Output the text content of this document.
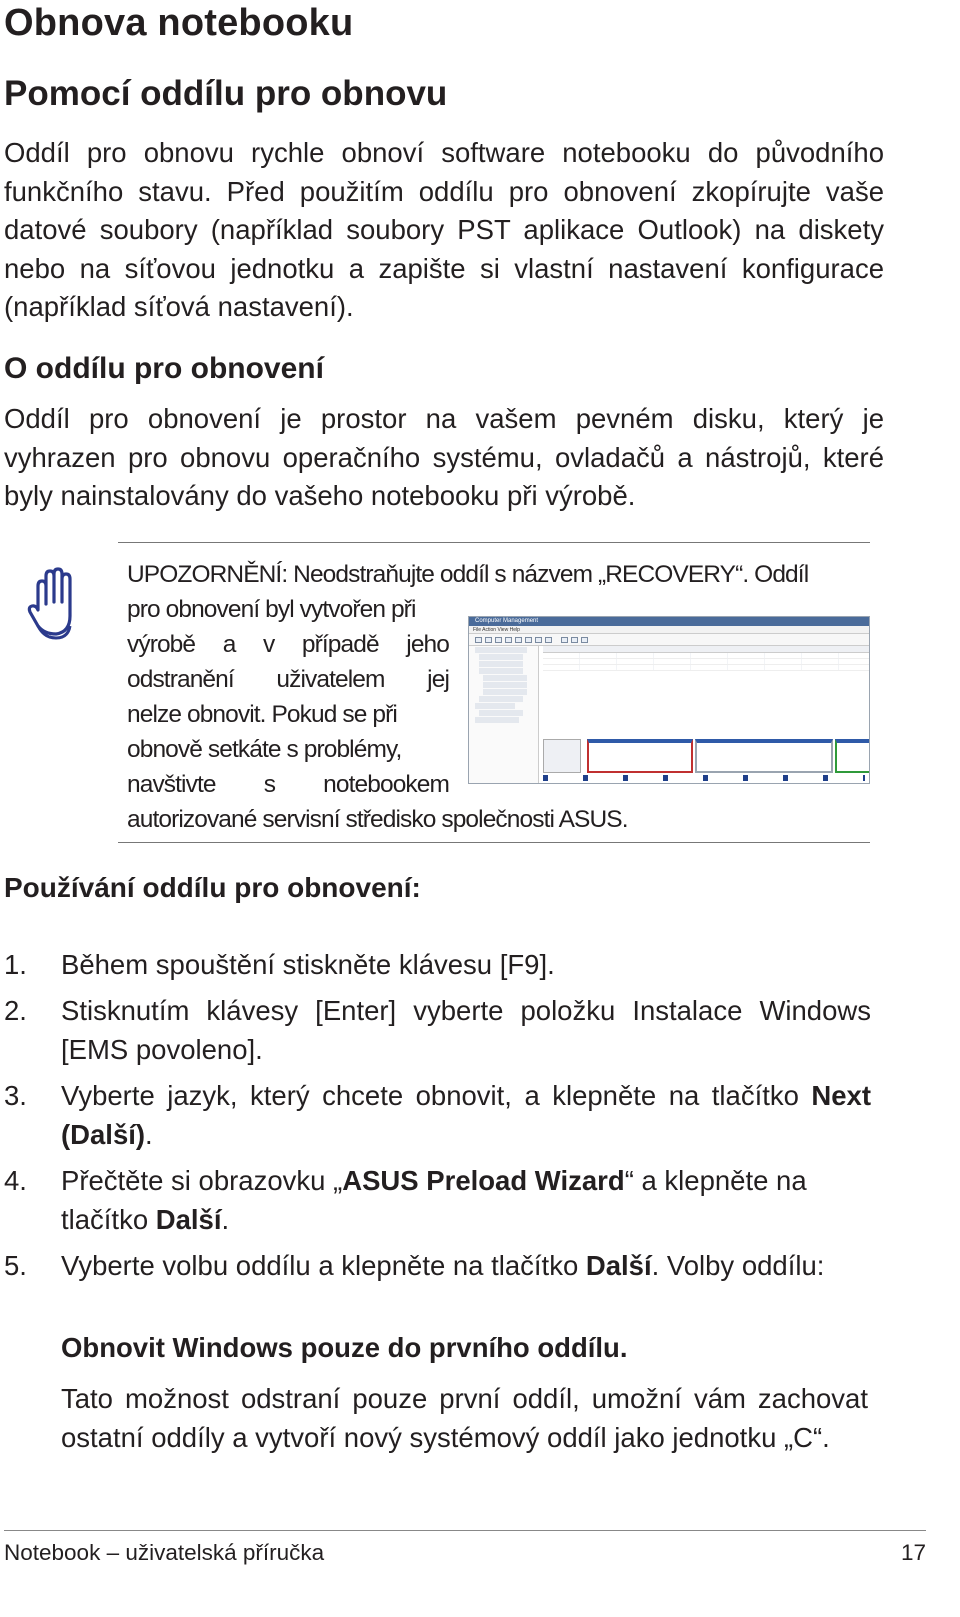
Obnova notebooku
Pomocí oddílu pro obnovu
Oddíl pro obnovu rychle obnoví software notebooku do původního funkčního stavu. Před použitím oddílu pro obnovení zkopírujte vaše datové soubory (například soubory PST aplikace Outlook) na diskety nebo na síťovou jednotku a zapište si vlastní nastavení konfigurace (například síťová nastavení).
O oddílu pro obnovení
Oddíl pro obnovení je prostor na vašem pevném disku, který je vyhrazen pro obnovu operačního systému, ovladačů a nástrojů, které byly nainstalovány do vašeho notebooku při výrobě.
UPOZORNĚNÍ: Neodstraňujte oddíl s názvem „RECOVERY“. Oddíl
pro obnovení byl vytvořen při
výrobě a v případě jeho
odstranění uživatelem jej
nelze obnovit. Pokud se při
obnově setkáte s problémy,
navštivte s notebookem
autorizované servisní středisko společnosti ASUS.
Computer Management
File Action View Help
Používání oddílu pro obnovení:
1. Během spouštění stiskněte klávesu [F9].
2. Stisknutím klávesy [Enter] vyberte položku Instalace Windows [EMS povoleno].
3. Vyberte jazyk, který chcete obnovit, a klepněte na tlačítko Next (Další).
4. Přečtěte si obrazovku „ASUS Preload Wizard“ a klepněte na tlačítko Další.
5. Vyberte volbu oddílu a klepněte na tlačítko Další. Volby oddílu:
Obnovit Windows pouze do prvního oddílu.
Tato možnost odstraní pouze první oddíl, umožní vám zachovat ostatní oddíly a vytvoří nový systémový oddíl jako jednotku „C“.
Notebook – uživatelská příručka	17
